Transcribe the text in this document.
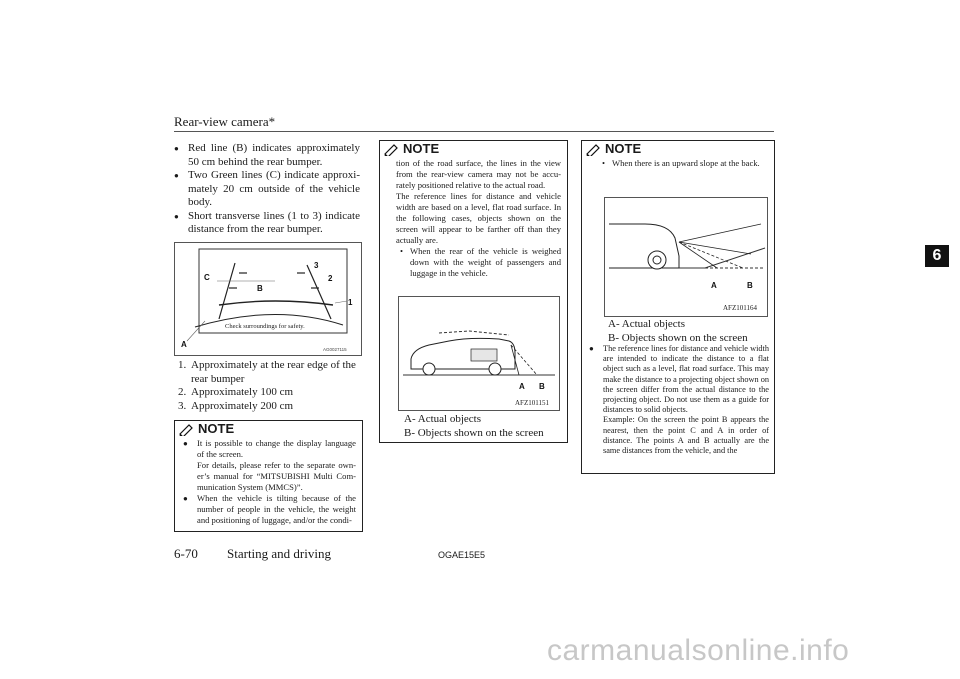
Rear-view camera*
6
● Red line (B) indicates approximately 50 cm behind the rear bumper.
● Two Green lines (C) indicate approxi-mately 20 cm outside of the vehicle body.
● Short transverse lines (1 to 3) indicate distance from the rear bumper.
C
B
3
2
1
A
Check surroundings for safety.
AG0027115
1. Approximately at the rear edge of the rear bumper
2. Approximately 100 cm
3. Approximately 200 cm
NOTE
● It is possible to change the display language of the screen.
For details, please refer to the separate own-er’s manual for “MITSUBISHI Multi Com-munication System (MMCS)”.
● When the vehicle is tilting because of the number of people in the vehicle, the weight and positioning of luggage, and/or the condi-
NOTE
tion of the road surface, the lines in the view from the rear-view camera may not be accu-rately positioned relative to the actual road.
The reference lines for distance and vehicle width are based on a level, flat road surface. In the following cases, objects shown on the screen will appear to be farther off than they actually are.
• When the rear of the vehicle is weighed down with the weight of passengers and luggage in the vehicle.
A B
AFZ101151
A- Actual objects
B- Objects shown on the screen
NOTE
• When there is an upward slope at the back.
A	B
AFZ101164
A- Actual objects
B- Objects shown on the screen
● The reference lines for distance and vehicle width are intended to indicate the distance to a flat object such as a level, flat road surface. This may make the distance to a projecting object shown on the screen differ from the actual distance to the projecting object. Do not use them as a guide for distances to solid objects.
Example: On the screen the point B appears the nearest, then the point C and A in order of distance. The points A and B actually are the same distances from the vehicle, and the
6-70 Starting and driving	OGAE15E5
carmanualsonline.info
